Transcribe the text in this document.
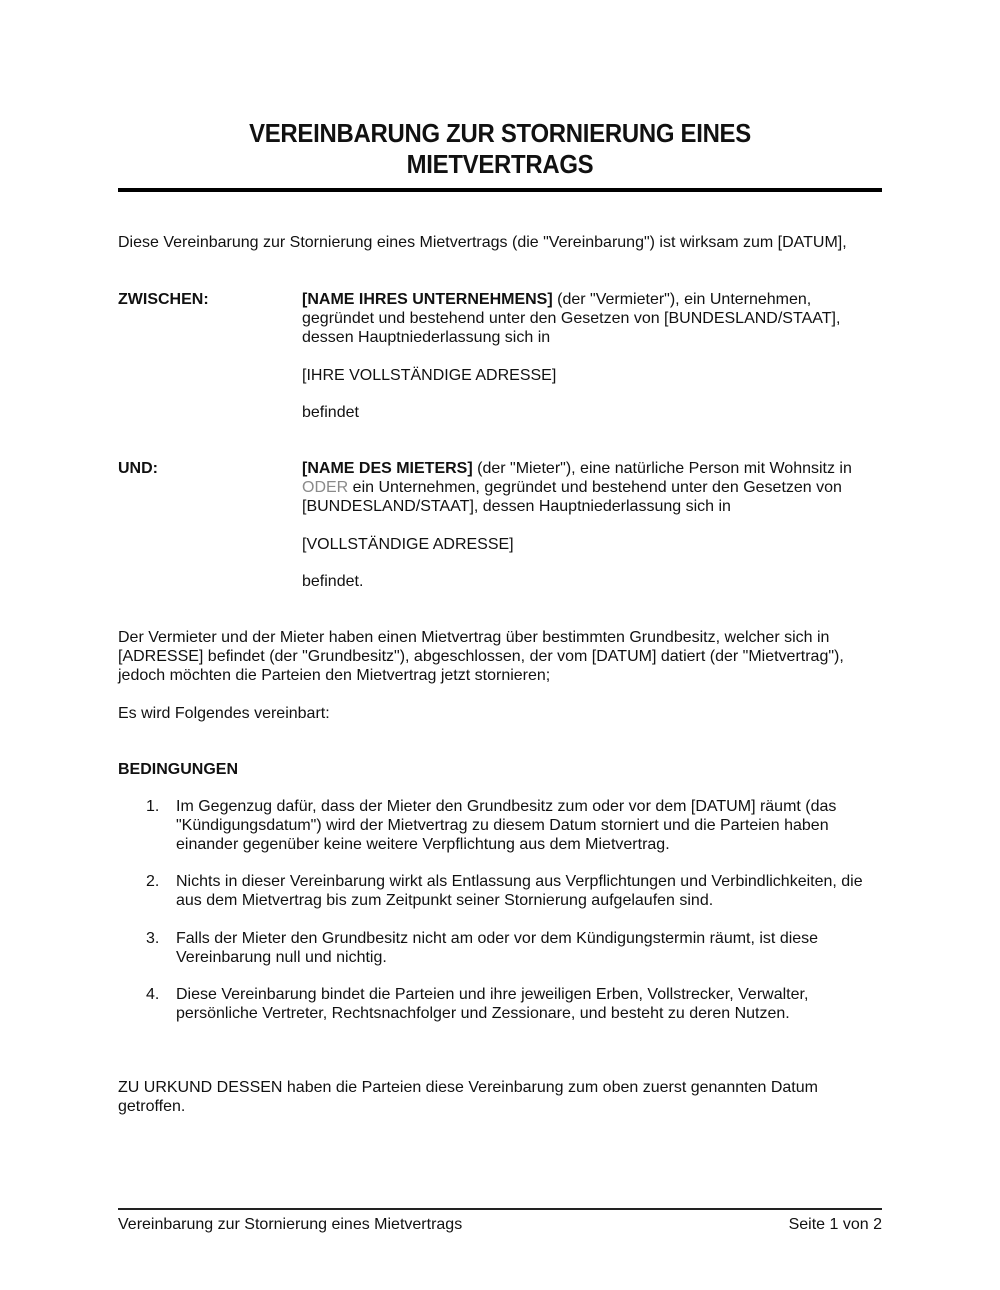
VEREINBARUNG ZUR STORNIERUNG EINES
MIETVERTRAGS

Diese Vereinbarung zur Stornierung eines Mietvertrags (die "Vereinbarung") ist wirksam zum [DATUM],

ZWISCHEN:	[NAME IHRES UNTERNEHMENS] (der "Vermieter"), ein Unternehmen,
gegründet und bestehend unter den Gesetzen von [BUNDESLAND/STAAT],
dessen Hauptniederlassung sich in
[IHRE VOLLSTÄNDIGE ADRESSE]
befindet
UND:	[NAME DES MIETERS] (der "Mieter"), eine natürliche Person mit Wohnsitz in
ODER ein Unternehmen, gegründet und bestehend unter den Gesetzen von
[BUNDESLAND/STAAT], dessen Hauptniederlassung sich in
[VOLLSTÄNDIGE ADRESSE]
befindet.
Der Vermieter und der Mieter haben einen Mietvertrag über bestimmten Grundbesitz, welcher sich in
[ADRESSE] befindet (der "Grundbesitz"), abgeschlossen, der vom [DATUM] datiert (der "Mietvertrag"),
jedoch möchten die Parteien den Mietvertrag jetzt stornieren;
Es wird Folgendes vereinbart:
BEDINGUNGEN
1. Im Gegenzug dafür, dass der Mieter den Grundbesitz zum oder vor dem [DATUM] räumt (das
"Kündigungsdatum") wird der Mietvertrag zu diesem Datum storniert und die Parteien haben
einander gegenüber keine weitere Verpflichtung aus dem Mietvertrag.
2. Nichts in dieser Vereinbarung wirkt als Entlassung aus Verpflichtungen und Verbindlichkeiten, die
aus dem Mietvertrag bis zum Zeitpunkt seiner Stornierung aufgelaufen sind.
3. Falls der Mieter den Grundbesitz nicht am oder vor dem Kündigungstermin räumt, ist diese
Vereinbarung null und nichtig.
4. Diese Vereinbarung bindet die Parteien und ihre jeweiligen Erben, Vollstrecker, Verwalter,
persönliche Vertreter, Rechtsnachfolger und Zessionare, und besteht zu deren Nutzen.
ZU URKUND DESSEN haben die Parteien diese Vereinbarung zum oben zuerst genannten Datum
getroffen.
Vereinbarung zur Stornierung eines Mietvertrags	Seite 1 von 2
